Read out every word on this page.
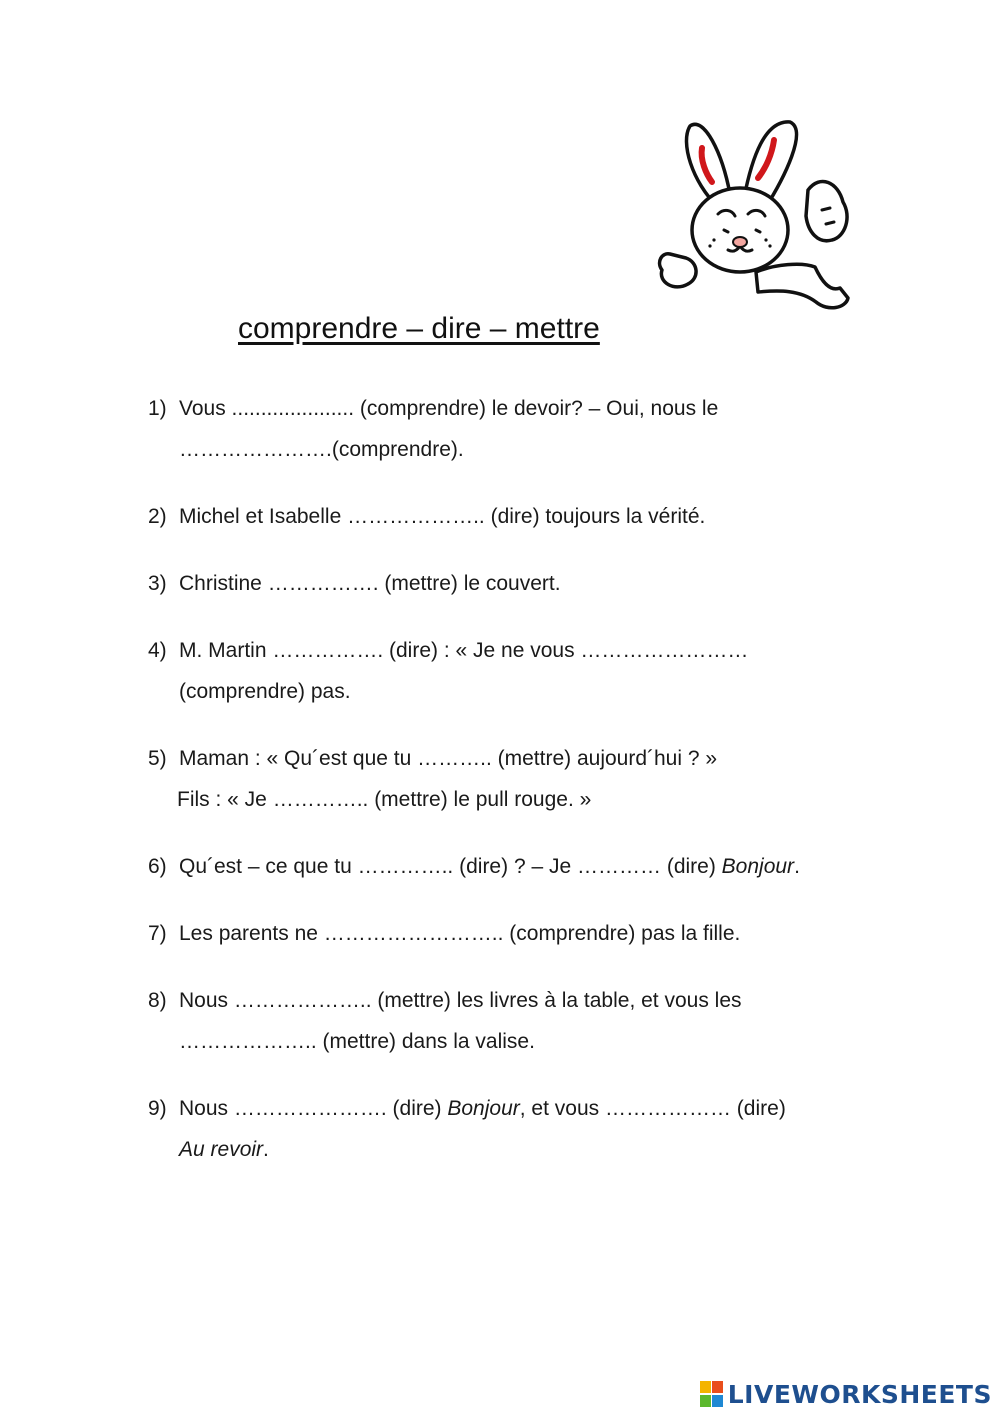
comprendre – dire – mettre
1) Vous ..................... (comprendre) le devoir? – Oui, nous le
………………….(comprendre).
2) Michel et Isabelle ……………….. (dire) toujours la vérité.
3) Christine ……………. (mettre) le couvert.
4) M. Martin ……………. (dire) : « Je ne vous ……………………
(comprendre) pas.
5) Maman : « Qu´est que tu ……….. (mettre) aujourd´hui ? »
Fils : « Je ………….. (mettre) le pull rouge. »
6) Qu´est – ce que tu ………….. (dire) ? – Je ………… (dire) Bonjour.
7) Les parents ne …………………….. (comprendre) pas la fille.
8) Nous ……………….. (mettre) les livres à la table, et vous les
……………….. (mettre) dans la valise.
9) Nous …………………. (dire) Bonjour, et vous ……………… (dire)
Au revoir.
LIVEWORKSHEETS
